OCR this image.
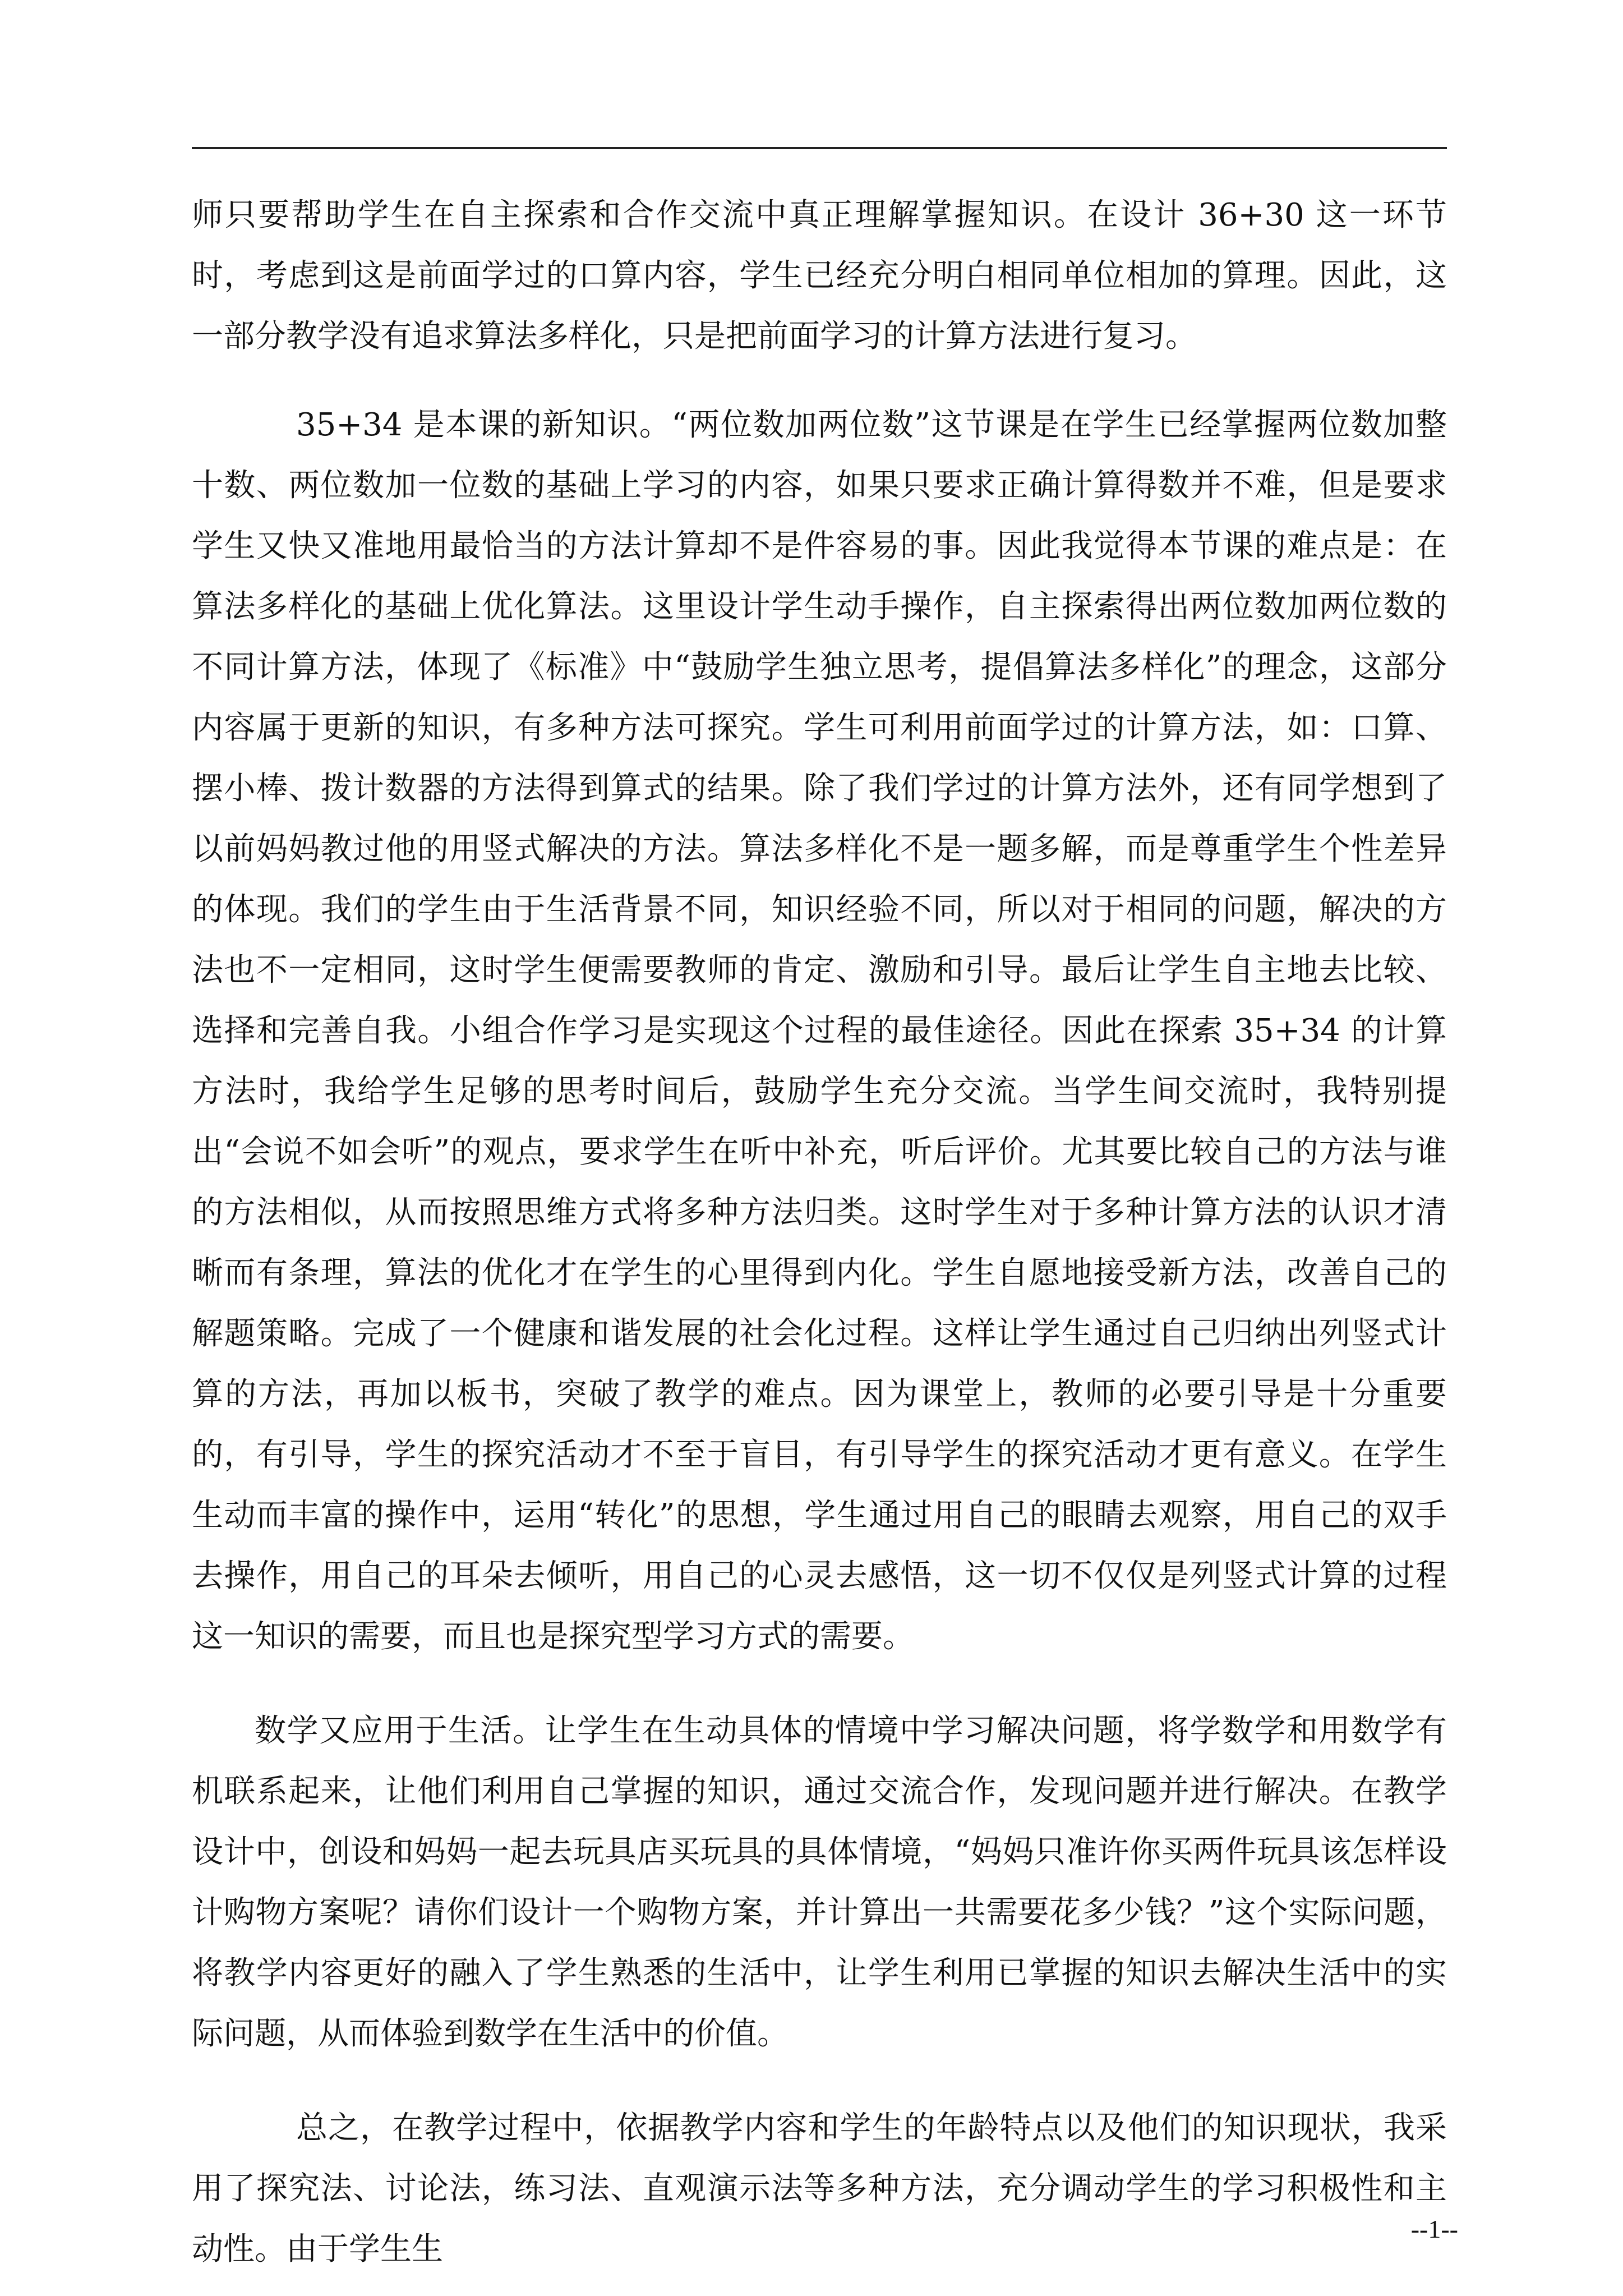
师只要帮助学生在自主探索和合作交流中真正理解掌握知识。在设计 36+30 这一环节时，考虑到这是前面学过的口算内容，学生已经充分明白相同单位相加的算理。因此，这一部分教学没有追求算法多样化，只是把前面学习的计算方法进行复习。

35+34 是本课的新知识。“两位数加两位数”这节课是在学生已经掌握两位数加整十数、两位数加一位数的基础上学习的内容，如果只要求正确计算得数并不难，但是要求学生又快又准地用最恰当的方法计算却不是件容易的事。因此我觉得本节课的难点是：在算法多样化的基础上优化算法。这里设计学生动手操作，自主探索得出两位数加两位数的不同计算方法，体现了《标准》中“鼓励学生独立思考，提倡算法多样化”的理念，这部分内容属于更新的知识，有多种方法可探究。学生可利用前面学过的计算方法，如：口算、摆小棒、拨计数器的方法得到算式的结果。除了我们学过的计算方法外，还有同学想到了以前妈妈教过他的用竖式解决的方法。算法多样化不是一题多解，而是尊重学生个性差异的体现。我们的学生由于生活背景不同，知识经验不同，所以对于相同的问题，解决的方法也不一定相同，这时学生便需要教师的肯定、激励和引导。最后让学生自主地去比较、选择和完善自我。小组合作学习是实现这个过程的最佳途径。因此在探索 35+34 的计算方法时，我给学生足够的思考时间后，鼓励学生充分交流。当学生间交流时，我特别提出“会说不如会听”的观点，要求学生在听中补充，听后评价。尤其要比较自己的方法与谁的方法相似，从而按照思维方式将多种方法归类。这时学生对于多种计算方法的认识才清晰而有条理，算法的优化才在学生的心里得到内化。学生自愿地接受新方法，改善自己的解题策略。完成了一个健康和谐发展的社会化过程。这样让学生通过自己归纳出列竖式计算的方法，再加以板书，突破了教学的难点。因为课堂上，教师的必要引导是十分重要的，有引导，学生的探究活动才不至于盲目，有引导学生的探究活动才更有意义。在学生生动而丰富的操作中，运用“转化”的思想，学生通过用自己的眼睛去观察，用自己的双手去操作，用自己的耳朵去倾听，用自己的心灵去感悟，这一切不仅仅是列竖式计算的过程这一知识的需要，而且也是探究型学习方式的需要。

数学又应用于生活。让学生在生动具体的情境中学习解决问题，将学数学和用数学有机联系起来，让他们利用自己掌握的知识，通过交流合作，发现问题并进行解决。在教学设计中，创设和妈妈一起去玩具店买玩具的具体情境，“妈妈只准许你买两件玩具该怎样设计购物方案呢？请你们设计一个购物方案，并计算出一共需要花多少钱？”这个实际问题，将教学内容更好的融入了学生熟悉的生活中，让学生利用已掌握的知识去解决生活中的实际问题，从而体验到数学在生活中的价值。

总之，在教学过程中，依据教学内容和学生的年龄特点以及他们的知识现状，我采用了探究法、讨论法，练习法、直观演示法等多种方法，充分调动学生的学习积极性和主动性。由于学生生

--1--
